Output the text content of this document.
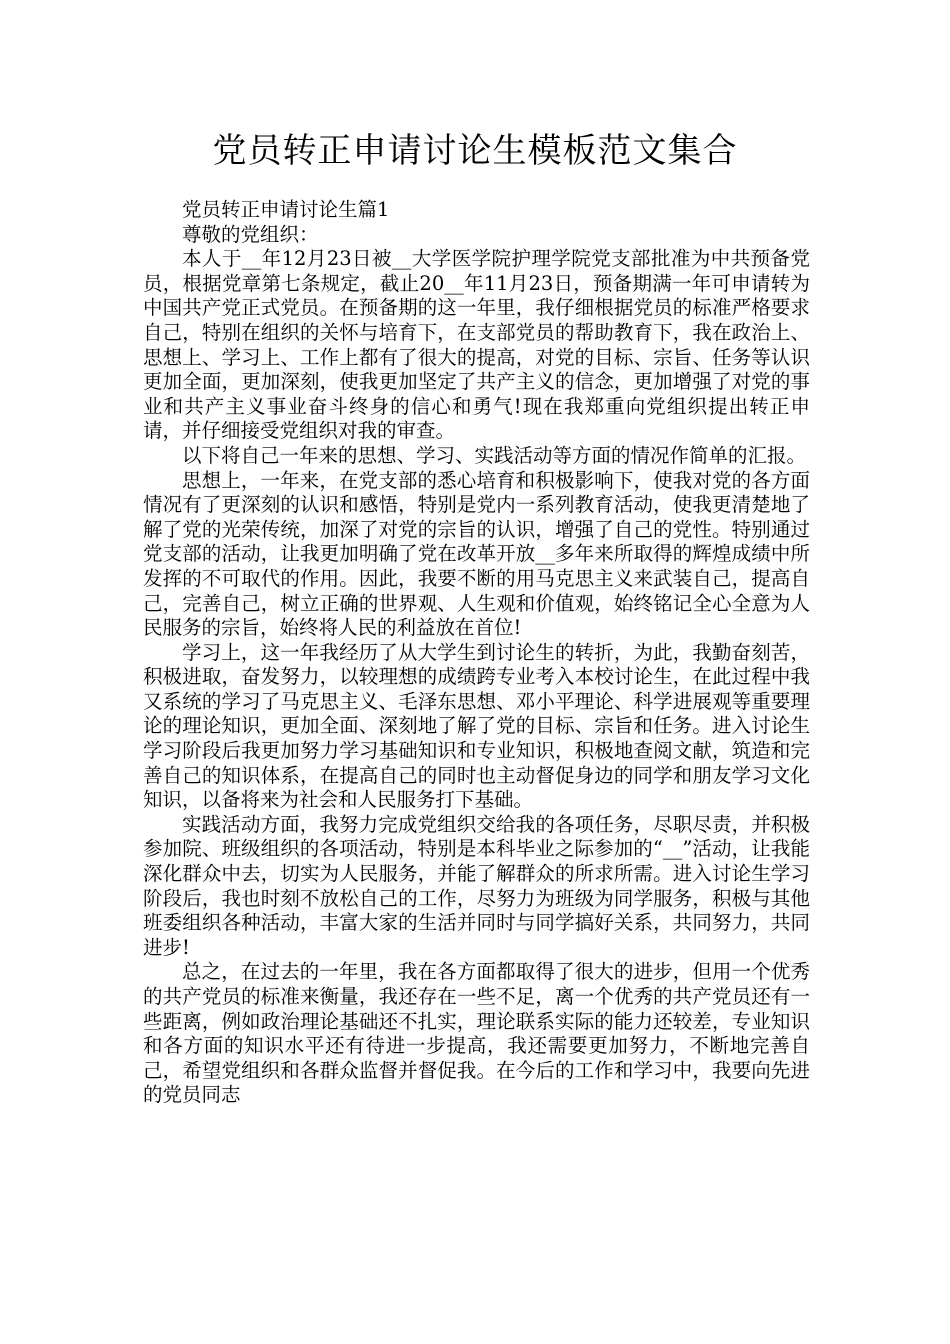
党员转正申请讨论生模板范文集合

党员转正申请讨论生篇1

尊敬的党组织：

本人于__年12月23日被__大学医学院护理学院党支部批准为中共预备党员，根据党章第七条规定，截止20__年11月23日，预备期满一年可申请转为中国共产党正式党员。在预备期的这一年里，我仔细根据党员的标准严格要求自己，特别在组织的关怀与培育下，在支部党员的帮助教育下，我在政治上、思想上、学习上、工作上都有了很大的提高，对党的目标、宗旨、任务等认识更加全面，更加深刻，使我更加坚定了共产主义的信念，更加增强了对党的事业和共产主义事业奋斗终身的信心和勇气!现在我郑重向党组织提出转正申请，并仔细接受党组织对我的审查。

以下将自己一年来的思想、学习、实践活动等方面的情况作简单的汇报。

思想上，一年来，在党支部的悉心培育和积极影响下，使我对党的各方面情况有了更深刻的认识和感悟，特别是党内一系列教育活动，使我更清楚地了解了党的光荣传统，加深了对党的宗旨的认识，增强了自己的党性。特别通过党支部的活动，让我更加明确了党在改革开放__多年来所取得的辉煌成绩中所发挥的不可取代的作用。因此，我要不断的用马克思主义来武装自己，提高自己，完善自己，树立正确的世界观、人生观和价值观，始终铭记全心全意为人民服务的宗旨，始终将人民的利益放在首位!

学习上，这一年我经历了从大学生到讨论生的转折，为此，我勤奋刻苦，积极进取，奋发努力，以较理想的成绩跨专业考入本校讨论生，在此过程中我又系统的学习了马克思主义、毛泽东思想、邓小平理论、科学进展观等重要理论的理论知识，更加全面、深刻地了解了党的目标、宗旨和任务。进入讨论生学习阶段后我更加努力学习基础知识和专业知识，积极地查阅文献，筑造和完善自己的知识体系，在提高自己的同时也主动督促身边的同学和朋友学习文化知识，以备将来为社会和人民服务打下基础。

实践活动方面，我努力完成党组织交给我的各项任务，尽职尽责，并积极参加院、班级组织的各项活动，特别是本科毕业之际参加的“__”活动，让我能深化群众中去，切实为人民服务，并能了解群众的所求所需。进入讨论生学习阶段后，我也时刻不放松自己的工作，尽努力为班级为同学服务，积极与其他班委组织各种活动，丰富大家的生活并同时与同学搞好关系，共同努力，共同进步!

总之，在过去的一年里，我在各方面都取得了很大的进步，但用一个优秀的共产党员的标准来衡量，我还存在一些不足，离一个优秀的共产党员还有一些距离，例如政治理论基础还不扎实，理论联系实际的能力还较差，专业知识和各方面的知识水平还有待进一步提高，我还需要更加努力，不断地完善自己，希望党组织和各群众监督并督促我。在今后的工作和学习中，我要向先进的党员同志
